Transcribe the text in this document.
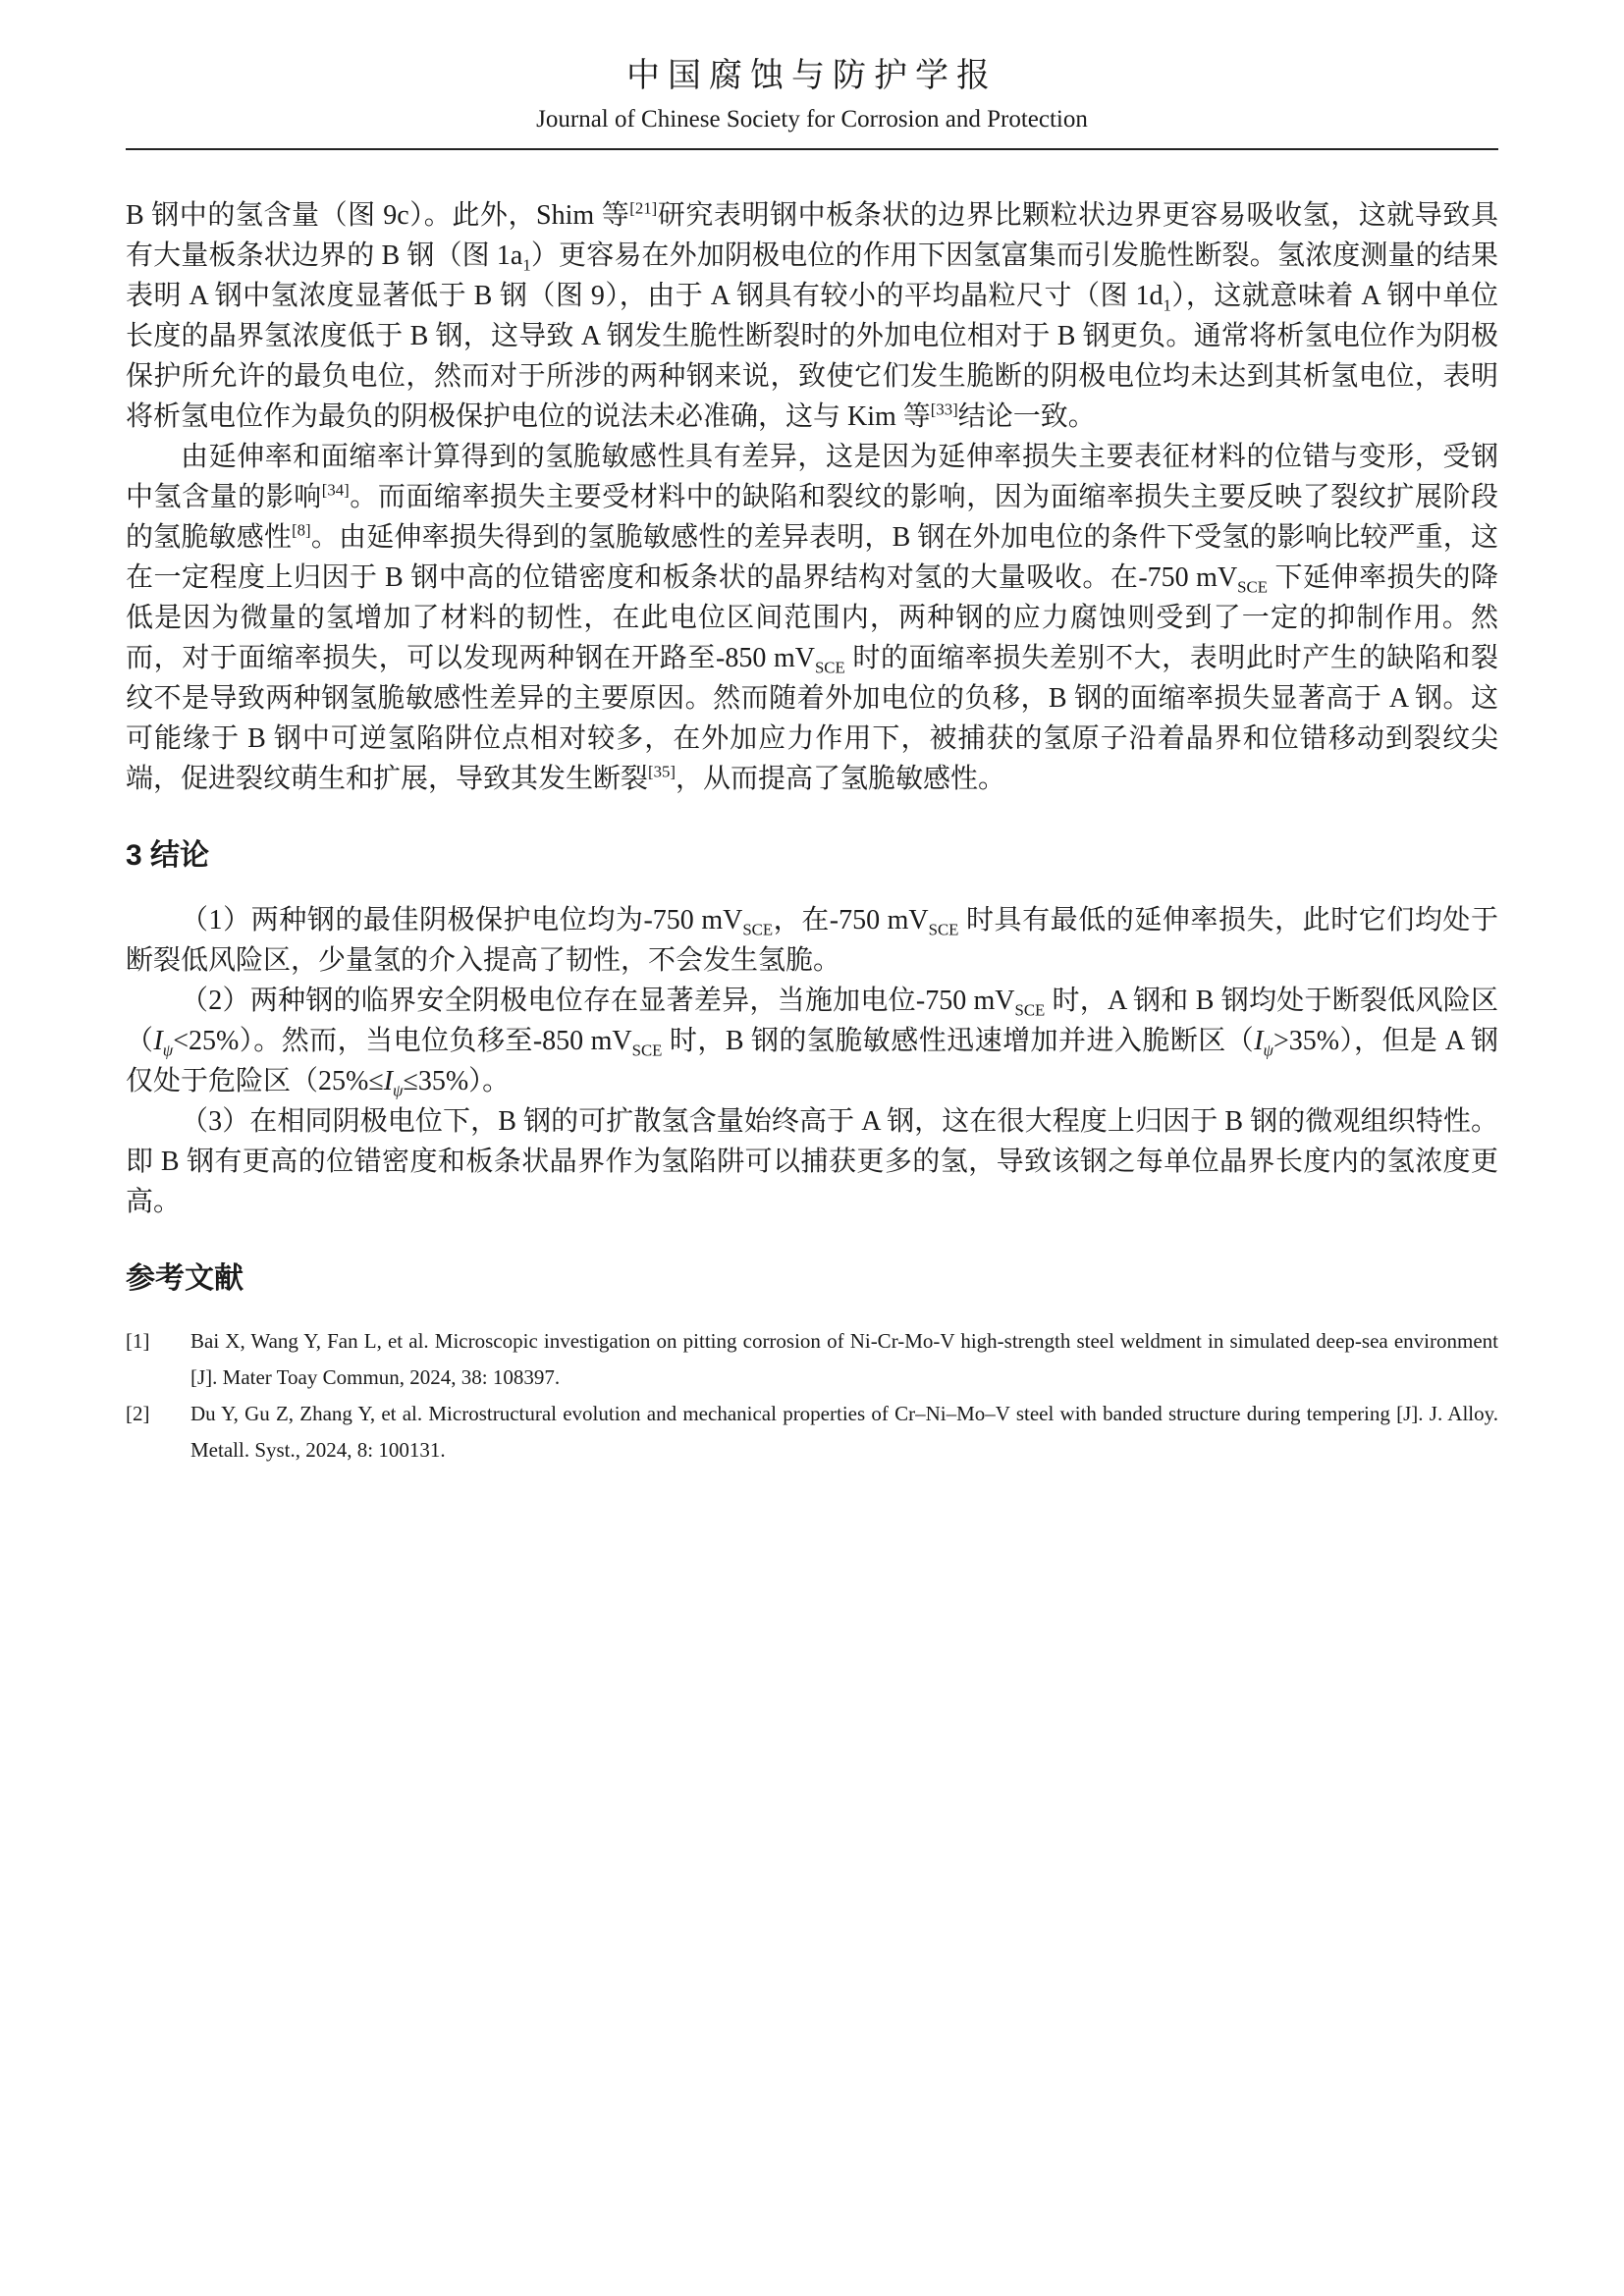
中国腐蚀与防护学报
Journal of Chinese Society for Corrosion and Protection

B 钢中的氢含量（图 9c）。此外，Shim 等[21]研究表明钢中板条状的边界比颗粒状边界更容易吸收氢，这就导致具有大量板条状边界的 B 钢（图 $1a_1$）更容易在外加阴极电位的作用下因氢富集而引发脆性断裂。氢浓度测量的结果表明 A 钢中氢浓度显著低于 B 钢（图 9），由于 A 钢具有较小的平均晶粒尺寸（图 $1d_1$），这就意味着 A 钢中单位长度的晶界氢浓度低于 B 钢，这导致 A 钢发生脆性断裂时的外加电位相对于 B 钢更负。通常将析氢电位作为阴极保护所允许的最负电位，然而对于所涉的两种钢来说，致使它们发生脆断的阴极电位均未达到其析氢电位，表明将析氢电位作为最负的阴极保护电位的说法未必准确，这与 Kim 等[33]结论一致。

由延伸率和面缩率计算得到的氢脆敏感性具有差异，这是因为延伸率损失主要表征材料的位错与变形，受钢中氢含量的影响[34]。而面缩率损失主要受材料中的缺陷和裂纹的影响，因为面缩率损失主要反映了裂纹扩展阶段的氢脆敏感性[8]。由延伸率损失得到的氢脆敏感性的差异表明，B 钢在外加电位的条件下受氢的影响比较严重，这在一定程度上归因于 B 钢中高的位错密度和板条状的晶界结构对氢的大量吸收。在-750 $mV_{SCE}$ 下延伸率损失的降低是因为微量的氢增加了材料的韧性，在此电位区间范围内，两种钢的应力腐蚀则受到了一定的抑制作用。然而，对于面缩率损失，可以发现两种钢在开路至-850 $mV_{SCE}$ 时的面缩率损失差别不大，表明此时产生的缺陷和裂纹不是导致两种钢氢脆敏感性差异的主要原因。然而随着外加电位的负移，B 钢的面缩率损失显著高于 A 钢。这可能缘于 B 钢中可逆氢陷阱位点相对较多，在外加应力作用下，被捕获的氢原子沿着晶界和位错移动到裂纹尖端，促进裂纹萌生和扩展，导致其发生断裂[35]，从而提高了氢脆敏感性。

3 结论

（1）两种钢的最佳阴极保护电位均为-750 $mV_{SCE}$，在-750 $mV_{SCE}$ 时具有最低的延伸率损失，此时它们均处于断裂低风险区，少量氢的介入提高了韧性，不会发生氢脆。

（2）两种钢的临界安全阴极电位存在显著差异，当施加电位-750 $mV_{SCE}$ 时，A 钢和 B 钢均处于断裂低风险区$(I_\psi<25\%)$。然而，当电位负移至-850 $mV_{SCE}$ 时，B 钢的氢脆敏感性迅速增加并进入脆断区$(I_\psi>35\%)$，但是 A 钢仅处于危险区$(25\%\le I_\psi\le 35\%)$。

（3）在相同阴极电位下，B 钢的可扩散氢含量始终高于 A 钢，这在很大程度上归因于 B 钢的微观组织特性。即 B 钢有更高的位错密度和板条状晶界作为氢陷阱可以捕获更多的氢，导致该钢之每单位晶界长度内的氢浓度更高。

参考文献
[1]	Bai X, Wang Y, Fan L, et al. Microscopic investigation on pitting corrosion of Ni-Cr-Mo-V high-strength steel weldment in simulated deep-sea environment [J]. Mater Toay Commun, 2024, 38: 108397.
[2]	Du Y, Gu Z, Zhang Y, et al. Microstructural evolution and mechanical properties of Cr–Ni–Mo–V steel with banded structure during tempering [J]. J. Alloy. Metall. Syst., 2024, 8: 100131.
